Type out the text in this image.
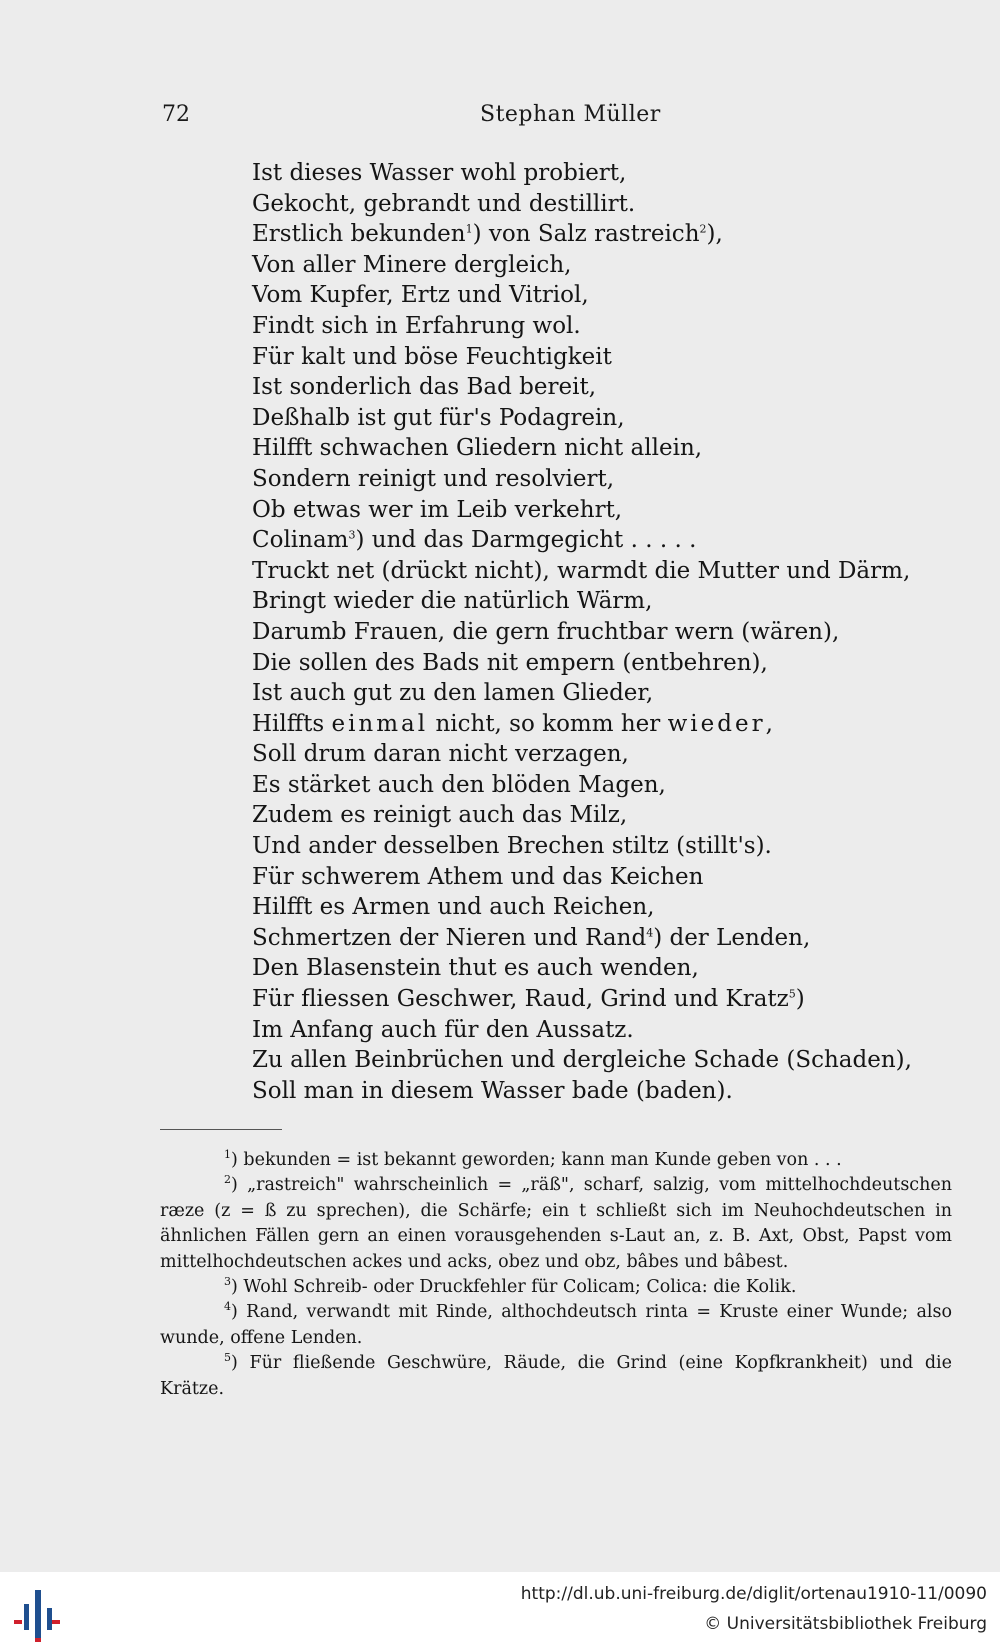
72	Stephan Müller
Ist dieses Wasser wohl probiert,
Gekocht, gebrandt und destillirt.
Erstlich bekunden$^1$) von Salz rastreich$^2$),
Von aller Minere dergleich,
Vom Kupfer, Ertz und Vitriol,
Findt sich in Erfahrung wol.
Für kalt und böse Feuchtigkeit
Ist sonderlich das Bad bereit,
Deßhalb ist gut für's Podagrein,
Hilfft schwachen Gliedern nicht allein,
Sondern reinigt und resolviert,
Ob etwas wer im Leib verkehrt,
Colinam$^3$) und das Darmgegicht . . . . .
Truckt net (drückt nicht), warmdt die Mutter und Därm,
Bringt wieder die natürlich Wärm,
Darumb Frauen, die gern fruchtbar wern (wären),
Die sollen des Bads nit empern (entbehren),
Ist auch gut zu den lamen Glieder,
Hilffts einmal nicht, so komm her wieder,
Soll drum daran nicht verzagen,
Es stärket auch den blöden Magen,
Zudem es reinigt auch das Milz,
Und ander desselben Brechen stiltz (stillt's).
Für schwerem Athem und das Keichen
Hilfft es Armen und auch Reichen,
Schmertzen der Nieren und Rand$^4$) der Lenden,
Den Blasenstein thut es auch wenden,
Für fliessen Geschwer, Raud, Grind und Kratz$^5$)
Im Anfang auch für den Aussatz.
Zu allen Beinbrüchen und dergleiche Schade (Schaden),
Soll man in diesem Wasser bade (baden).
$^1$) bekunden = ist bekannt geworden; kann man Kunde geben von . . .
$^2$) „rastreich" wahrscheinlich = „räß", scharf, salzig, vom mittelhochdeutschen ræze (z = ß zu sprechen), die Schärfe; ein t schließt sich im Neuhochdeutschen in ähnlichen Fällen gern an einen vorausgehenden s-Laut an, z. B. Axt, Obst, Papst vom mittelhochdeutschen ackes und acks, obez und obz, bâbes und bâbest.
$^3$) Wohl Schreib- oder Druckfehler für Colicam; Colica: die Kolik.
$^4$) Rand, verwandt mit Rinde, althochdeutsch rinta = Kruste einer Wunde; also wunde, offene Lenden.
$^5$) Für fließende Geschwüre, Räude, die Grind (eine Kopfkrankheit) und die Krätze.
http://dl.ub.uni-freiburg.de/diglit/ortenau1910-11/0090
© Universitätsbibliothek Freiburg
